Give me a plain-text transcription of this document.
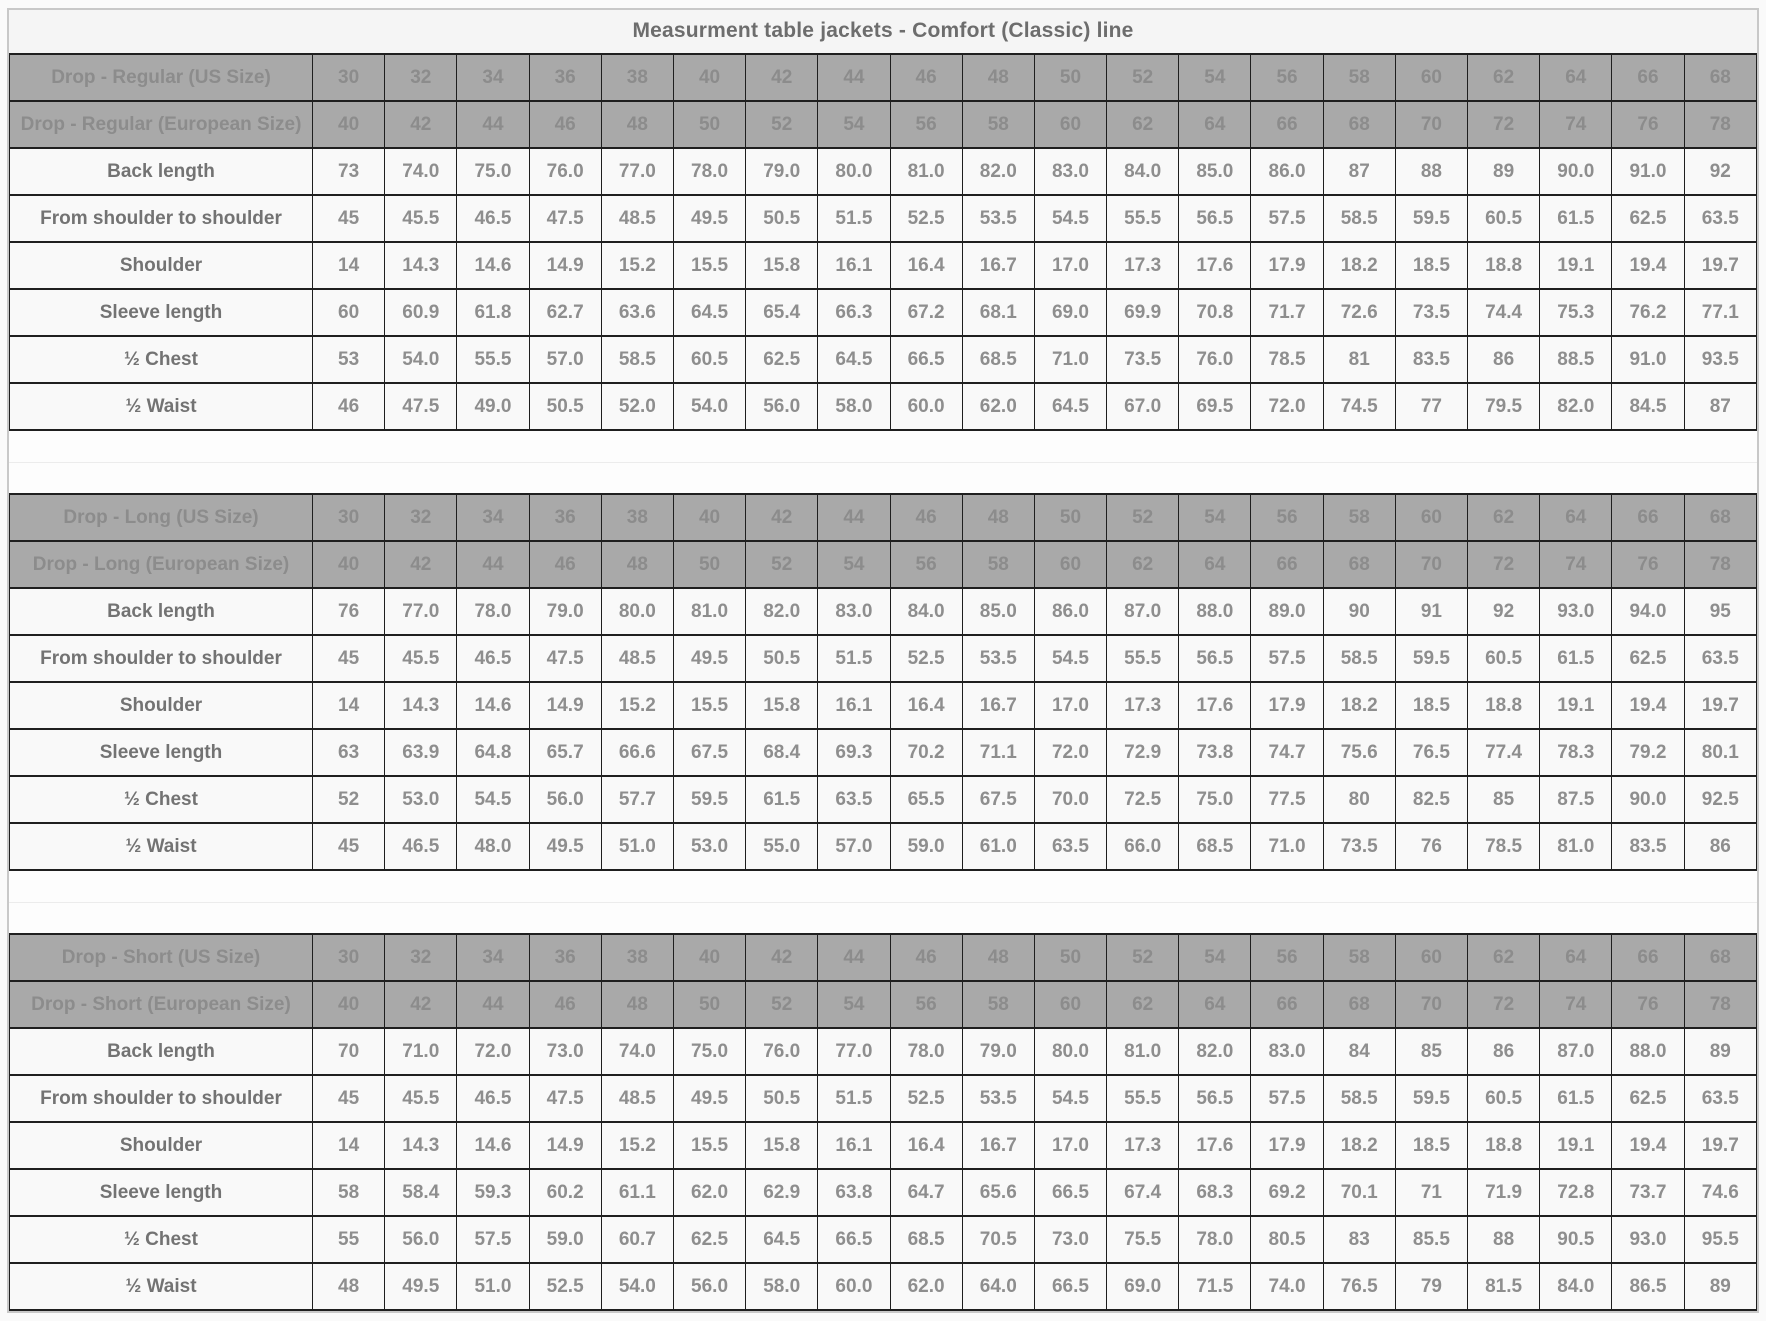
Measurment table jackets - Comfort (Classic) line
Drop - Regular (US Size)	30	32	34	36	38	40	42	44	46	48	50	52	54	56	58	60	62	64	66	68
Drop - Regular (European Size)	40	42	44	46	48	50	52	54	56	58	60	62	64	66	68	70	72	74	76	78
Back length	73	74.0	75.0	76.0	77.0	78.0	79.0	80.0	81.0	82.0	83.0	84.0	85.0	86.0	87	88	89	90.0	91.0	92
From shoulder to shoulder	45	45.5	46.5	47.5	48.5	49.5	50.5	51.5	52.5	53.5	54.5	55.5	56.5	57.5	58.5	59.5	60.5	61.5	62.5	63.5
Shoulder	14	14.3	14.6	14.9	15.2	15.5	15.8	16.1	16.4	16.7	17.0	17.3	17.6	17.9	18.2	18.5	18.8	19.1	19.4	19.7
Sleeve length	60	60.9	61.8	62.7	63.6	64.5	65.4	66.3	67.2	68.1	69.0	69.9	70.8	71.7	72.6	73.5	74.4	75.3	76.2	77.1
½ Chest	53	54.0	55.5	57.0	58.5	60.5	62.5	64.5	66.5	68.5	71.0	73.5	76.0	78.5	81	83.5	86	88.5	91.0	93.5
½ Waist	46	47.5	49.0	50.5	52.0	54.0	56.0	58.0	60.0	62.0	64.5	67.0	69.5	72.0	74.5	77	79.5	82.0	84.5	87
Drop - Long (US Size)	30	32	34	36	38	40	42	44	46	48	50	52	54	56	58	60	62	64	66	68
Drop - Long (European Size)	40	42	44	46	48	50	52	54	56	58	60	62	64	66	68	70	72	74	76	78
Back length	76	77.0	78.0	79.0	80.0	81.0	82.0	83.0	84.0	85.0	86.0	87.0	88.0	89.0	90	91	92	93.0	94.0	95
From shoulder to shoulder	45	45.5	46.5	47.5	48.5	49.5	50.5	51.5	52.5	53.5	54.5	55.5	56.5	57.5	58.5	59.5	60.5	61.5	62.5	63.5
Shoulder	14	14.3	14.6	14.9	15.2	15.5	15.8	16.1	16.4	16.7	17.0	17.3	17.6	17.9	18.2	18.5	18.8	19.1	19.4	19.7
Sleeve length	63	63.9	64.8	65.7	66.6	67.5	68.4	69.3	70.2	71.1	72.0	72.9	73.8	74.7	75.6	76.5	77.4	78.3	79.2	80.1
½ Chest	52	53.0	54.5	56.0	57.7	59.5	61.5	63.5	65.5	67.5	70.0	72.5	75.0	77.5	80	82.5	85	87.5	90.0	92.5
½ Waist	45	46.5	48.0	49.5	51.0	53.0	55.0	57.0	59.0	61.0	63.5	66.0	68.5	71.0	73.5	76	78.5	81.0	83.5	86
Drop - Short (US Size)	30	32	34	36	38	40	42	44	46	48	50	52	54	56	58	60	62	64	66	68
Drop - Short (European Size)	40	42	44	46	48	50	52	54	56	58	60	62	64	66	68	70	72	74	76	78
Back length	70	71.0	72.0	73.0	74.0	75.0	76.0	77.0	78.0	79.0	80.0	81.0	82.0	83.0	84	85	86	87.0	88.0	89
From shoulder to shoulder	45	45.5	46.5	47.5	48.5	49.5	50.5	51.5	52.5	53.5	54.5	55.5	56.5	57.5	58.5	59.5	60.5	61.5	62.5	63.5
Shoulder	14	14.3	14.6	14.9	15.2	15.5	15.8	16.1	16.4	16.7	17.0	17.3	17.6	17.9	18.2	18.5	18.8	19.1	19.4	19.7
Sleeve length	58	58.4	59.3	60.2	61.1	62.0	62.9	63.8	64.7	65.6	66.5	67.4	68.3	69.2	70.1	71	71.9	72.8	73.7	74.6
½ Chest	55	56.0	57.5	59.0	60.7	62.5	64.5	66.5	68.5	70.5	73.0	75.5	78.0	80.5	83	85.5	88	90.5	93.0	95.5
½ Waist	48	49.5	51.0	52.5	54.0	56.0	58.0	60.0	62.0	64.0	66.5	69.0	71.5	74.0	76.5	79	81.5	84.0	86.5	89
